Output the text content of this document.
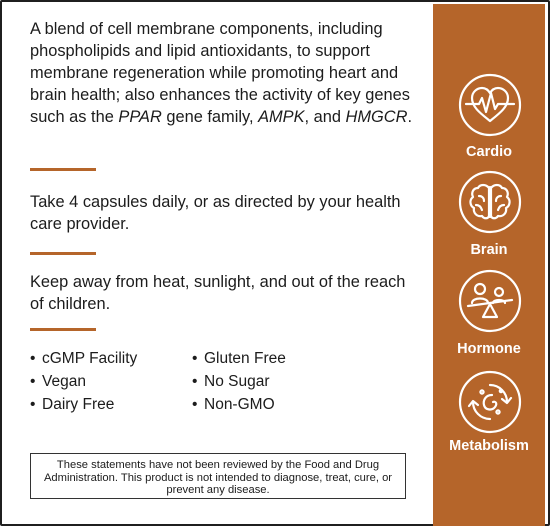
A blend of cell membrane components, including phospholipids and lipid antioxidants, to support membrane regeneration while promoting heart and brain health; also enhances the activity of key genes such as the PPAR gene family, AMPK, and HMGCR.

Take 4 capsules daily, or as directed by your health care provider.

Keep away from heat, sunlight, and out of the reach of children.

• cGMP Facility
• Vegan
• Dairy Free
• Gluten Free
• No Sugar
• Non-GMO
These statements have not been reviewed by the Food and Drug Administration. This product is not intended to diagnose, treat, cure, or prevent any disease.
Cardio
Brain
Hormone
Metabolism
